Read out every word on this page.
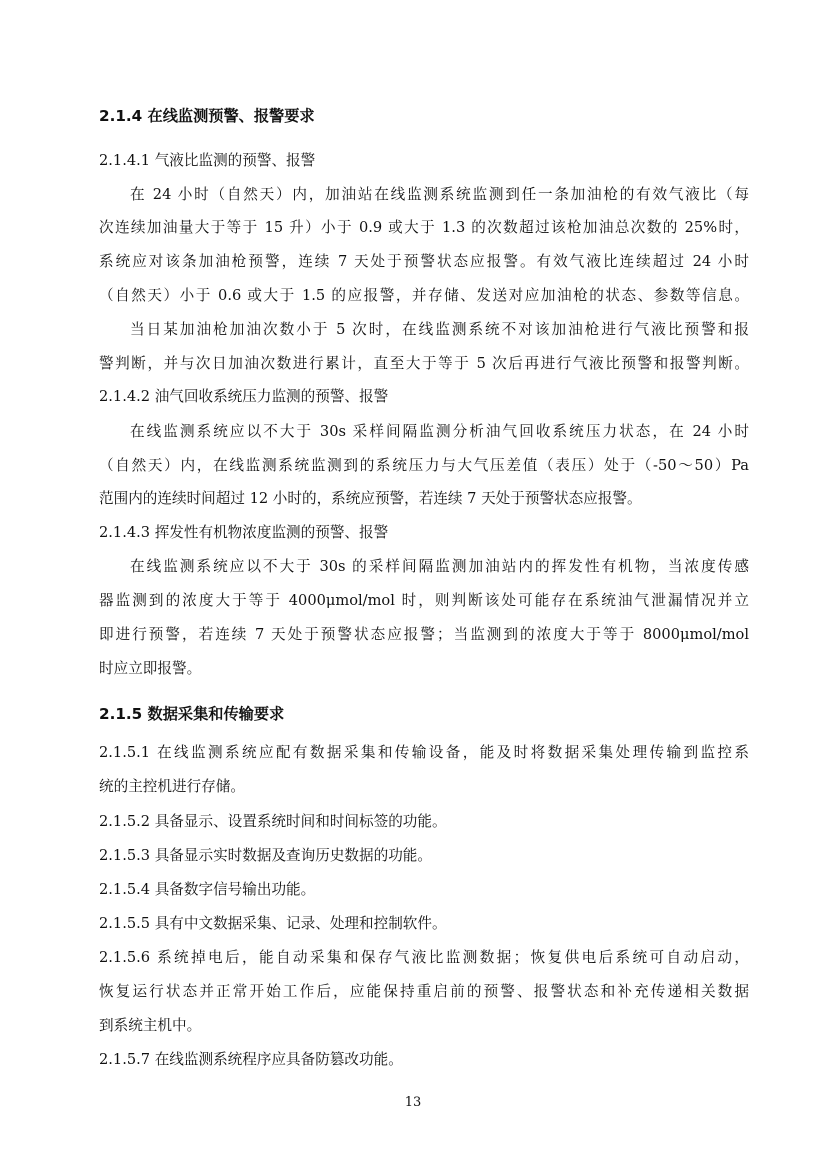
2.1.4 在线监测预警、报警要求
2.1.4.1 气液比监测的预警、报警
在 24 小时（自然天）内，加油站在线监测系统监测到任一条加油枪的有效气液比（每
次连续加油量大于等于 15 升）小于 0.9 或大于 1.3 的次数超过该枪加油总次数的 25%时，
系统应对该条加油枪预警，连续 7 天处于预警状态应报警。有效气液比连续超过 24 小时
（自然天）小于 0.6 或大于 1.5 的应报警，并存储、发送对应加油枪的状态、参数等信息。
当日某加油枪加油次数小于 5 次时，在线监测系统不对该加油枪进行气液比预警和报
警判断，并与次日加油次数进行累计，直至大于等于 5 次后再进行气液比预警和报警判断。
2.1.4.2 油气回收系统压力监测的预警、报警
在线监测系统应以不大于 30s 采样间隔监测分析油气回收系统压力状态，在 24 小时
（自然天）内，在线监测系统监测到的系统压力与大气压差值（表压）处于（-50～50）Pa
范围内的连续时间超过 12 小时的，系统应预警，若连续 7 天处于预警状态应报警。
2.1.4.3 挥发性有机物浓度监测的预警、报警
在线监测系统应以不大于 30s 的采样间隔监测加油站内的挥发性有机物，当浓度传感
器监测到的浓度大于等于 4000μmol/mol 时，则判断该处可能存在系统油气泄漏情况并立
即进行预警，若连续 7 天处于预警状态应报警；当监测到的浓度大于等于 8000μmol/mol
时应立即报警。
2.1.5 数据采集和传输要求
2.1.5.1 在线监测系统应配有数据采集和传输设备，能及时将数据采集处理传输到监控系
统的主控机进行存储。
2.1.5.2 具备显示、设置系统时间和时间标签的功能。
2.1.5.3 具备显示实时数据及查询历史数据的功能。
2.1.5.4 具备数字信号输出功能。
2.1.5.5 具有中文数据采集、记录、处理和控制软件。
2.1.5.6 系统掉电后，能自动采集和保存气液比监测数据；恢复供电后系统可自动启动，
恢复运行状态并正常开始工作后，应能保持重启前的预警、报警状态和补充传递相关数据
到系统主机中。
2.1.5.7 在线监测系统程序应具备防篡改功能。
13
